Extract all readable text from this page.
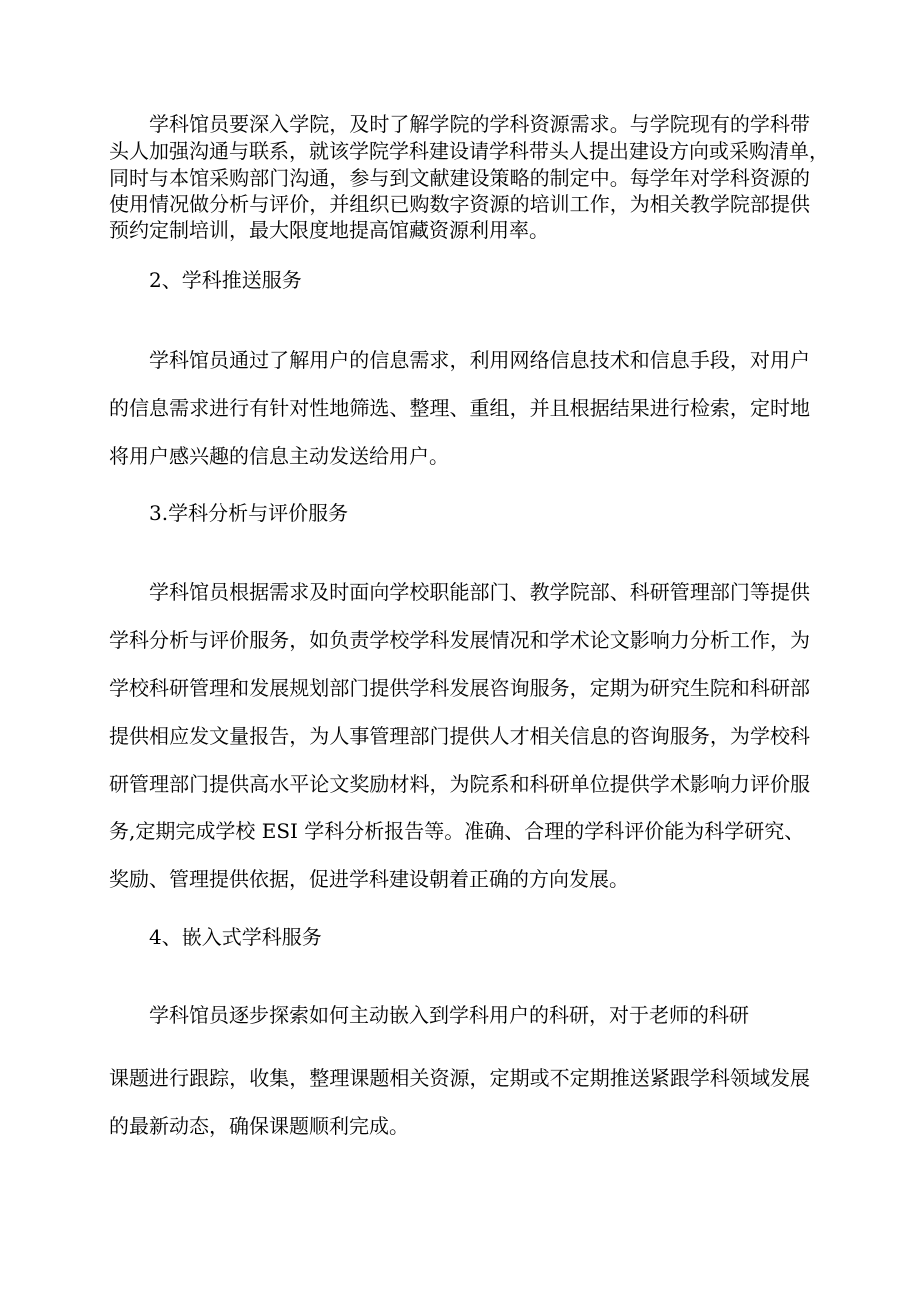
学科馆员要深入学院，及时了解学院的学科资源需求。与学院现有的学科带

头人加强沟通与联系，就该学院学科建设请学科带头人提出建设方向或采购清单，

同时与本馆采购部门沟通，参与到文献建设策略的制定中。每学年对学科资源的

使用情况做分析与评价，并组织已购数字资源的培训工作，为相关教学院部提供

预约定制培训，最大限度地提高馆藏资源利用率。

2、学科推送服务

学科馆员通过了解用户的信息需求，利用网络信息技术和信息手段，对用户

的信息需求进行有针对性地筛选、整理、重组，并且根据结果进行检索，定时地

将用户感兴趣的信息主动发送给用户。

3.学科分析与评价服务

学科馆员根据需求及时面向学校职能部门、教学院部、科研管理部门等提供

学科分析与评价服务，如负责学校学科发展情况和学术论文影响力分析工作，为

学校科研管理和发展规划部门提供学科发展咨询服务，定期为研究生院和科研部

提供相应发文量报告，为人事管理部门提供人才相关信息的咨询服务，为学校科

研管理部门提供高水平论文奖励材料，为院系和科研单位提供学术影响力评价服

务,定期完成学校 ESI 学科分析报告等。准确、合理的学科评价能为科学研究、

奖励、管理提供依据，促进学科建设朝着正确的方向发展。

4、嵌入式学科服务

学科馆员逐步探索如何主动嵌入到学科用户的科研，对于老师的科研

课题进行跟踪，收集，整理课题相关资源，定期或不定期推送紧跟学科领域发展

的最新动态，确保课题顺利完成。
